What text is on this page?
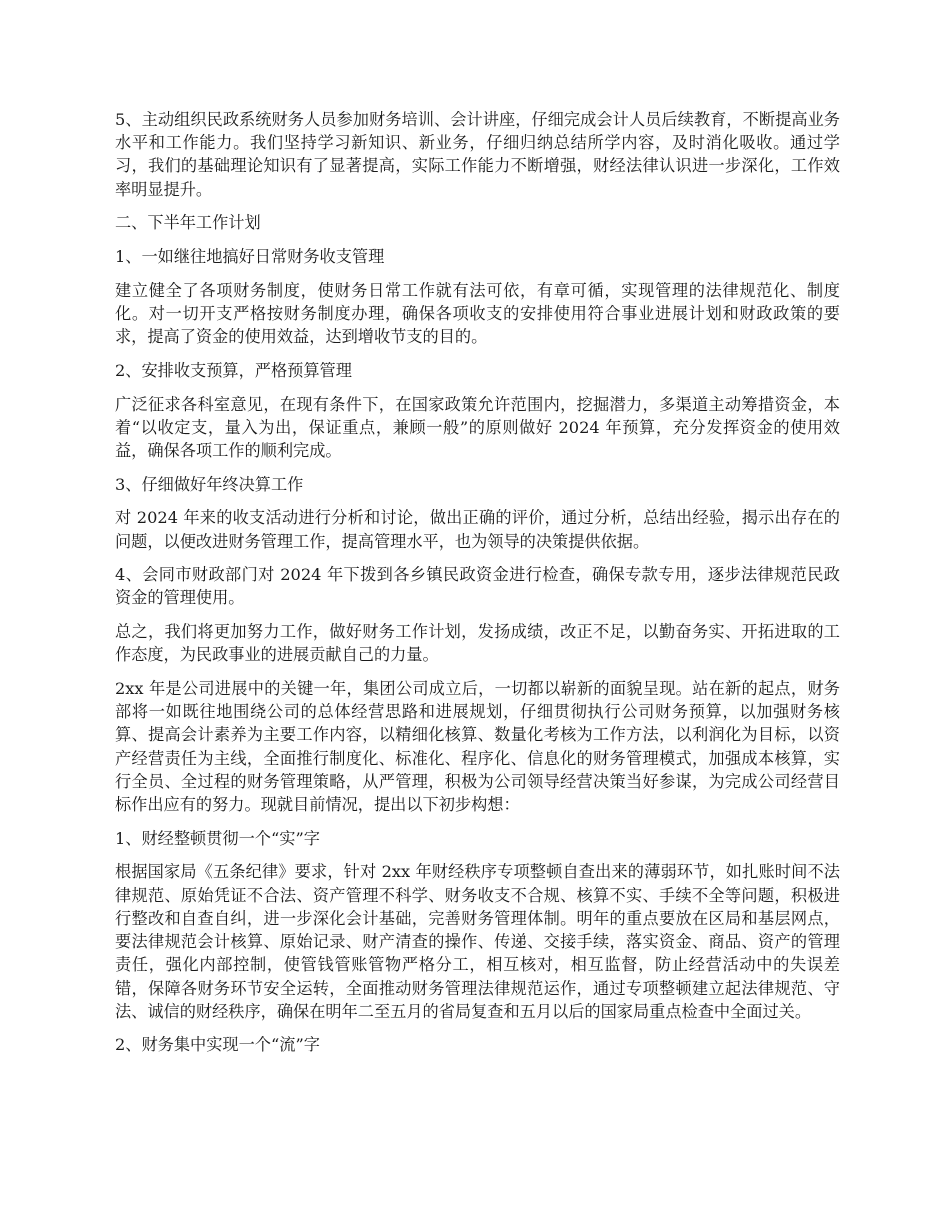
5、主动组织民政系统财务人员参加财务培训、会计讲座，仔细完成会计人员后续教育，不断提高业务水平和工作能力。我们坚持学习新知识、新业务，仔细归纳总结所学内容，及时消化吸收。通过学习，我们的基础理论知识有了显著提高，实际工作能力不断增强，财经法律认识进一步深化，工作效率明显提升。

二、下半年工作计划

1、一如继往地搞好日常财务收支管理

建立健全了各项财务制度，使财务日常工作就有法可依，有章可循，实现管理的法律规范化、制度化。对一切开支严格按财务制度办理，确保各项收支的安排使用符合事业进展计划和财政政策的要求，提高了资金的使用效益，达到增收节支的目的。

2、安排收支预算，严格预算管理

广泛征求各科室意见，在现有条件下，在国家政策允许范围内，挖掘潜力，多渠道主动筹措资金，本着“以收定支，量入为出，保证重点，兼顾一般”的原则做好 2024 年预算，充分发挥资金的使用效益，确保各项工作的顺利完成。

3、仔细做好年终决算工作

对 2024 年来的收支活动进行分析和讨论，做出正确的评价，通过分析，总结出经验，揭示出存在的问题，以便改进财务管理工作，提高管理水平，也为领导的决策提供依据。

4、会同市财政部门对 2024 年下拨到各乡镇民政资金进行检查，确保专款专用，逐步法律规范民政资金的管理使用。

总之，我们将更加努力工作，做好财务工作计划，发扬成绩，改正不足，以勤奋务实、开拓进取的工作态度，为民政事业的进展贡献自己的力量。

2xx 年是公司进展中的关键一年，集团公司成立后，一切都以崭新的面貌呈现。站在新的起点，财务部将一如既往地围绕公司的总体经营思路和进展规划，仔细贯彻执行公司财务预算，以加强财务核算、提高会计素养为主要工作内容，以精细化核算、数量化考核为工作方法，以利润化为目标，以资产经营责任为主线，全面推行制度化、标准化、程序化、信息化的财务管理模式，加强成本核算，实行全员、全过程的财务管理策略，从严管理，积极为公司领导经营决策当好参谋，为完成公司经营目标作出应有的努力。现就目前情况，提出以下初步构想：

1、财经整顿贯彻一个“实”字

根据国家局《五条纪律》要求，针对 2xx 年财经秩序专项整顿自查出来的薄弱环节，如扎账时间不法律规范、原始凭证不合法、资产管理不科学、财务收支不合规、核算不实、手续不全等问题，积极进行整改和自查自纠，进一步深化会计基础，完善财务管理体制。明年的重点要放在区局和基层网点，要法律规范会计核算、原始记录、财产清查的操作、传递、交接手续，落实资金、商品、资产的管理责任，强化内部控制，使管钱管账管物严格分工，相互核对，相互监督，防止经营活动中的失误差错，保障各财务环节安全运转，全面推动财务管理法律规范运作，通过专项整顿建立起法律规范、守法、诚信的财经秩序，确保在明年二至五月的省局复查和五月以后的国家局重点检查中全面过关。

2、财务集中实现一个“流”字
